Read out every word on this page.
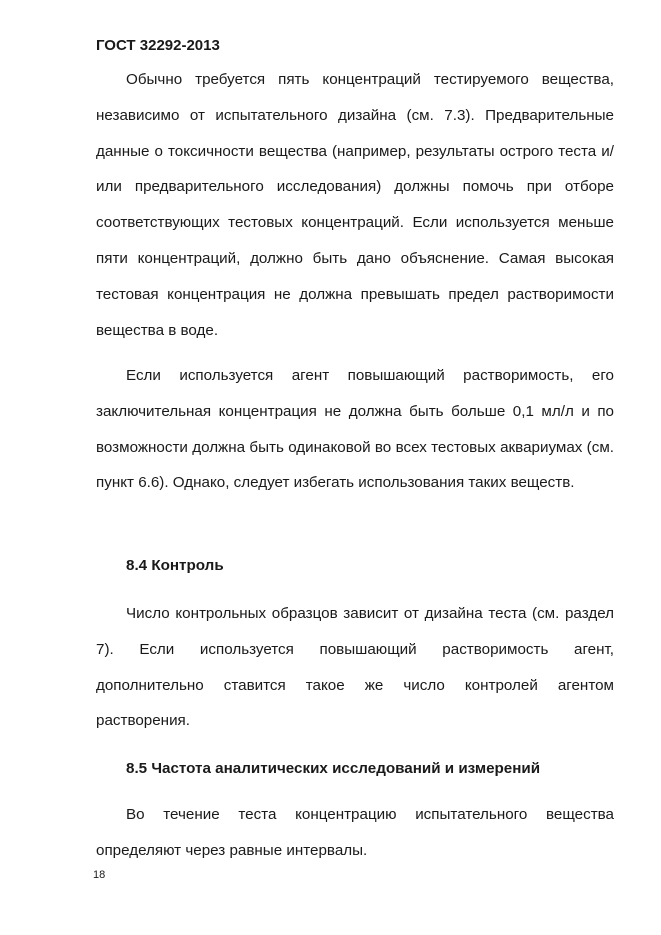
ГОСТ 32292-2013

Обычно требуется пять концентраций тестируемого вещества, независимо от испытательного дизайна (см. 7.3). Предварительные данные о токсичности вещества (например, результаты острого теста и/или предварительного исследования) должны помочь при отборе соответствующих тестовых концентраций. Если используется меньше пяти концентраций, должно быть дано объяснение. Самая высокая тестовая концентрация не должна превышать предел растворимости вещества в воде.

Если используется агент повышающий растворимость, его заключительная концентрация не должна быть больше 0,1 мл/л и по возможности должна быть одинаковой во всех тестовых аквариумах (см. пункт 6.6). Однако, следует избегать использования таких веществ.

8.4 Контроль

Число контрольных образцов зависит от дизайна теста (см. раздел 7). Если используется повышающий растворимость агент, дополнительно ставится такое же число контролей агентом растворения.

8.5 Частота аналитических исследований и измерений

Во течение теста концентрацию испытательного вещества определяют через равные интервалы.

18
